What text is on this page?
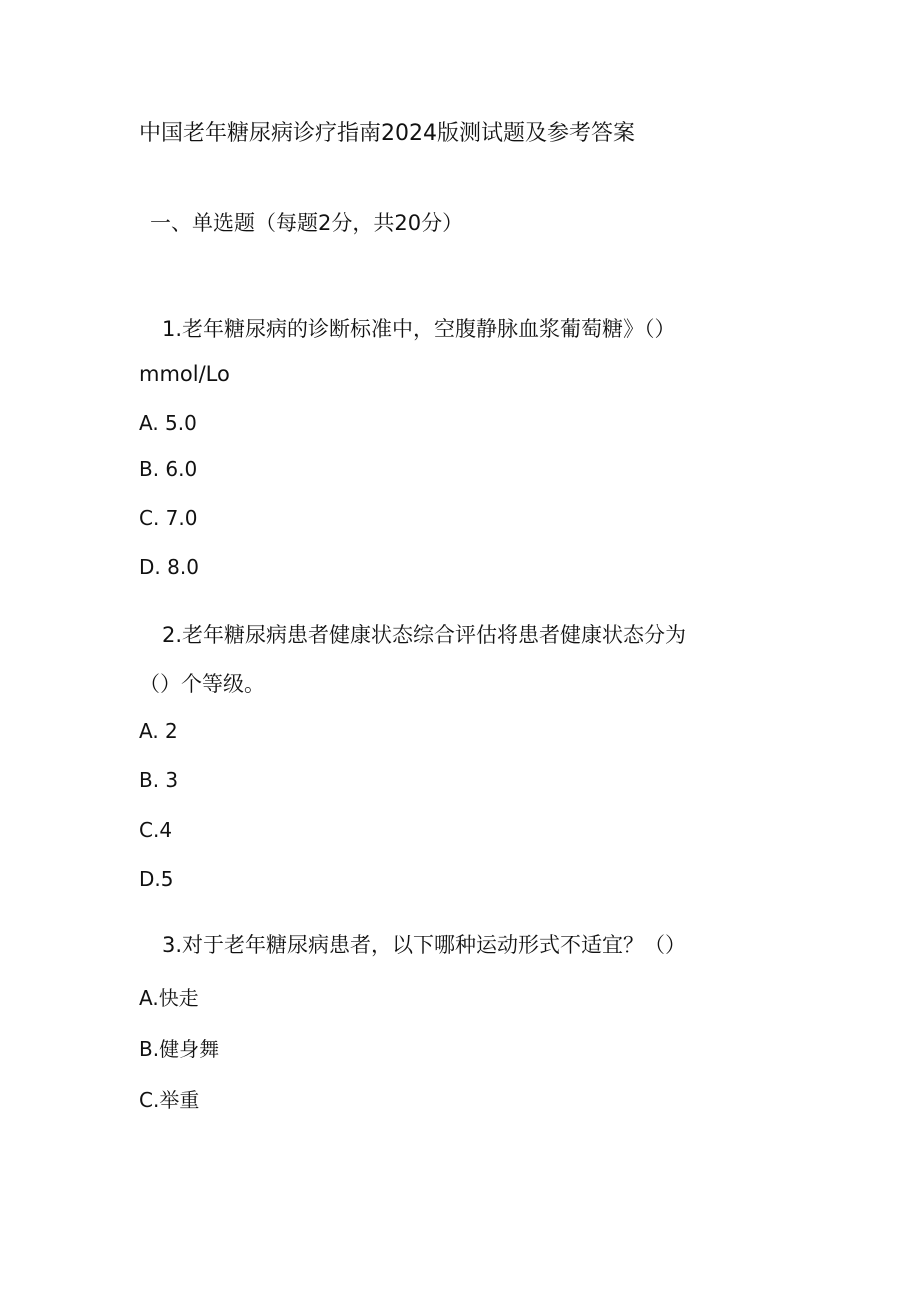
中国老年糖尿病诊疗指南2024版测试题及参考答案
一、单选题（每题2分，共20分）
1.老年糖尿病的诊断标准中，空腹静脉血浆葡萄糖》（）
mmol/Lo
A. 5.0
B. 6.0
C. 7.0
D. 8.0
2.老年糖尿病患者健康状态综合评估将患者健康状态分为
（）个等级。
A. 2
B. 3
C.4
D.5
3.对于老年糖尿病患者，以下哪种运动形式不适宜？（）
A.快走
B.健身舞
C.举重
